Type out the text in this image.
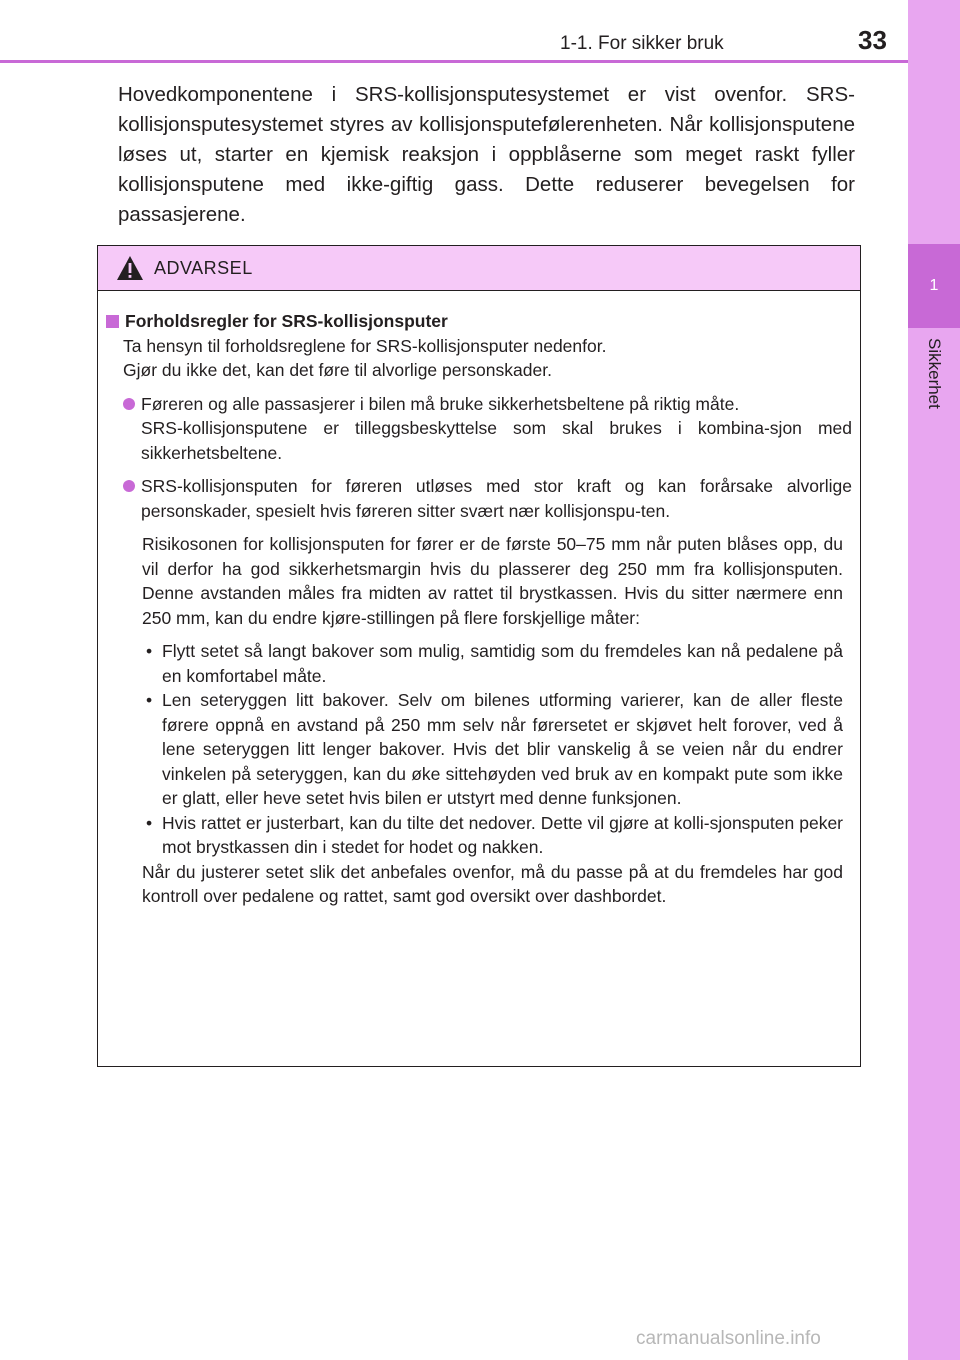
1
Sikkerhet
1-1. For sikker bruk	33
Hovedkomponentene i SRS-kollisjonsputesystemet er vist ovenfor. SRS-kollisjonsputesystemet styres av kollisjonsputefølerenheten. Når kollisjonsputene løses ut, starter en kjemisk reaksjon i oppblåserne som meget raskt fyller kollisjonsputene med ikke-giftig gass. Dette reduserer bevegelsen for passasjerene.
ADVARSEL
Forholdsregler for SRS-kollisjonsputer
Ta hensyn til forholdsreglene for SRS-kollisjonsputer nedenfor.
Gjør du ikke det, kan det føre til alvorlige personskader.
Føreren og alle passasjerer i bilen må bruke sikkerhetsbeltene på riktig måte.
SRS-kollisjonsputene er tilleggsbeskyttelse som skal brukes i kombina-sjon med sikkerhetsbeltene.
SRS-kollisjonsputen for føreren utløses med stor kraft og kan forårsake alvorlige personskader, spesielt hvis føreren sitter svært nær kollisjonspu-ten.
Risikosonen for kollisjonsputen for fører er de første 50–75 mm når puten blåses opp, du vil derfor ha god sikkerhetsmargin hvis du plasserer deg 250 mm fra kollisjonsputen. Denne avstanden måles fra midten av rattet til brystkassen. Hvis du sitter nærmere enn 250 mm, kan du endre kjøre-stillingen på flere forskjellige måter:
• Flytt setet så langt bakover som mulig, samtidig som du fremdeles kan nå pedalene på en komfortabel måte.
• Len seteryggen litt bakover. Selv om bilenes utforming varierer, kan de aller fleste førere oppnå en avstand på 250 mm selv når førersetet er skjøvet helt forover, ved å lene seteryggen litt lenger bakover. Hvis det blir vanskelig å se veien når du endrer vinkelen på seteryggen, kan du øke sittehøyden ved bruk av en kompakt pute som ikke er glatt, eller heve setet hvis bilen er utstyrt med denne funksjonen.
• Hvis rattet er justerbart, kan du tilte det nedover. Dette vil gjøre at kolli-sjonsputen peker mot brystkassen din i stedet for hodet og nakken.
Når du justerer setet slik det anbefales ovenfor, må du passe på at du fremdeles har god kontroll over pedalene og rattet, samt god oversikt over dashbordet.
carmanualsonline.info
